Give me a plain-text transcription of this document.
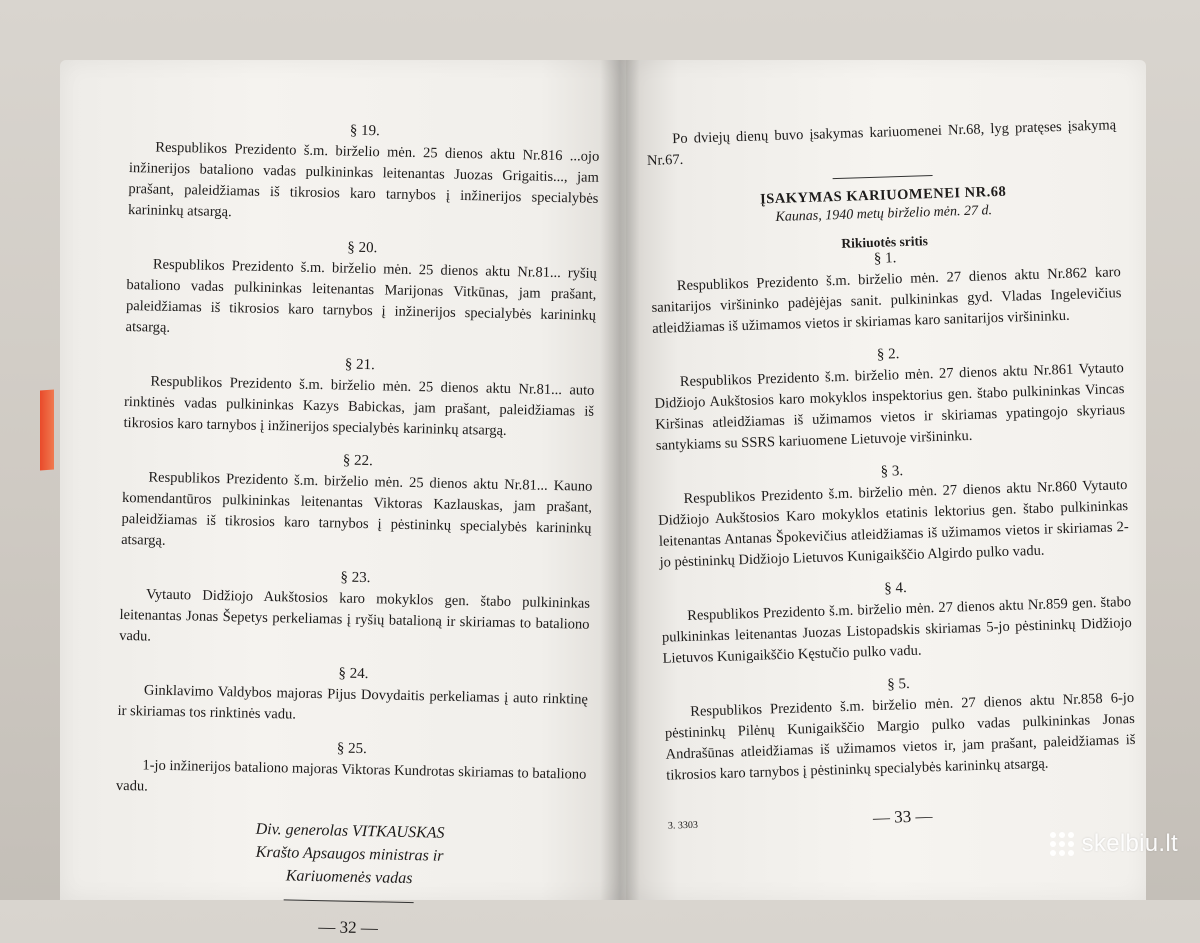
§ 19.

Respublikos Prezidento š.m. birželio mėn. 25 dienos aktu Nr.816 ...ojo inžinerijos bataliono vadas pulkininkas leitenantas Juozas Grigaitis..., jam prašant, paleidžiamas iš tikrosios karo tarnybos į inžinerijos specialybės karininkų atsargą.

§ 20.

Respublikos Prezidento š.m. birželio mėn. 25 dienos aktu Nr.81... ryšių bataliono vadas pulkininkas leitenantas Marijonas Vitkūnas, jam prašant, paleidžiamas iš tikrosios karo tarnybos į inžinerijos specialybės karininkų atsargą.

§ 21.

Respublikos Prezidento š.m. birželio mėn. 25 dienos aktu Nr.81... auto rinktinės vadas pulkininkas Kazys Babickas, jam prašant, paleidžiamas iš tikrosios karo tarnybos į inžinerijos specialybės karininkų atsargą.

§ 22.

Respublikos Prezidento š.m. birželio mėn. 25 dienos aktu Nr.81... Kauno komendantūros pulkininkas leitenantas Viktoras Kazlauskas, jam prašant, paleidžiamas iš tikrosios karo tarnybos į pėstininkų specialybės karininkų atsargą.

§ 23.

Vytauto Didžiojo Aukštosios karo mokyklos gen. štabo pulkininkas leitenantas Jonas Šepetys perkeliamas į ryšių batalioną ir skiriamas to bataliono vadu.

§ 24.

Ginklavimo Valdybos majoras Pijus Dovydaitis perkeliamas į auto rinktinę ir skiriamas tos rinktinės vadu.

§ 25.

1-jo inžinerijos bataliono majoras Viktoras Kundrotas skiriamas to bataliono vadu.

Div. generolas VITKAUSKAS
Krašto Apsaugos ministras ir
Kariuomenės vadas
— 32 —

Po dviejų dienų buvo įsakymas kariuomenei Nr.68, lyg pratęses įsakymą Nr.67.

ĮSAKYMAS KARIUOMENEI NR.68

Kaunas, 1940 metų birželio mėn. 27 d.

Rikiuotės sritis

§ 1.

Respublikos Prezidento š.m. birželio mėn. 27 dienos aktu Nr.862 karo sanitarijos viršininko padėjėjas sanit. pulkininkas gyd. Vladas Ingelevičius atleidžiamas iš užimamos vietos ir skiriamas karo sanitarijos viršininku.

§ 2.

Respublikos Prezidento š.m. birželio mėn. 27 dienos aktu Nr.861 Vytauto Didžiojo Aukštosios karo mokyklos inspektorius gen. štabo pulkininkas Vincas Kiršinas atleidžiamas iš užimamos vietos ir skiriamas ypatingojo skyriaus santykiams su SSRS kariuomene Lietuvoje viršininku.

§ 3.

Respublikos Prezidento š.m. birželio mėn. 27 dienos aktu Nr.860 Vytauto Didžiojo Aukštosios Karo mokyklos etatinis lektorius gen. štabo pulkininkas leitenantas Antanas Špokevičius atleidžiamas iš užimamos vietos ir skiriamas 2-jo pėstininkų Didžiojo Lietuvos Kunigaikščio Algirdo pulko vadu.

§ 4.

Respublikos Prezidento š.m. birželio mėn. 27 dienos aktu Nr.859 gen. štabo pulkininkas leitenantas Juozas Listopadskis skiriamas 5-jo pėstininkų Didžiojo Lietuvos Kunigaikščio Kęstučio pulko vadu.

§ 5.

Respublikos Prezidento š.m. birželio mėn. 27 dienos aktu Nr.858 6-jo pėstininkų Pilėnų Kunigaikščio Margio pulko vadas pulkininkas Jonas Andrašūnas atleidžiamas iš užimamos vietos ir, jam prašant, paleidžiamas iš tikrosios karo tarnybos į pėstininkų specialybės karininkų atsargą.

3. 3303	— 33 —
skelbiu.lt
